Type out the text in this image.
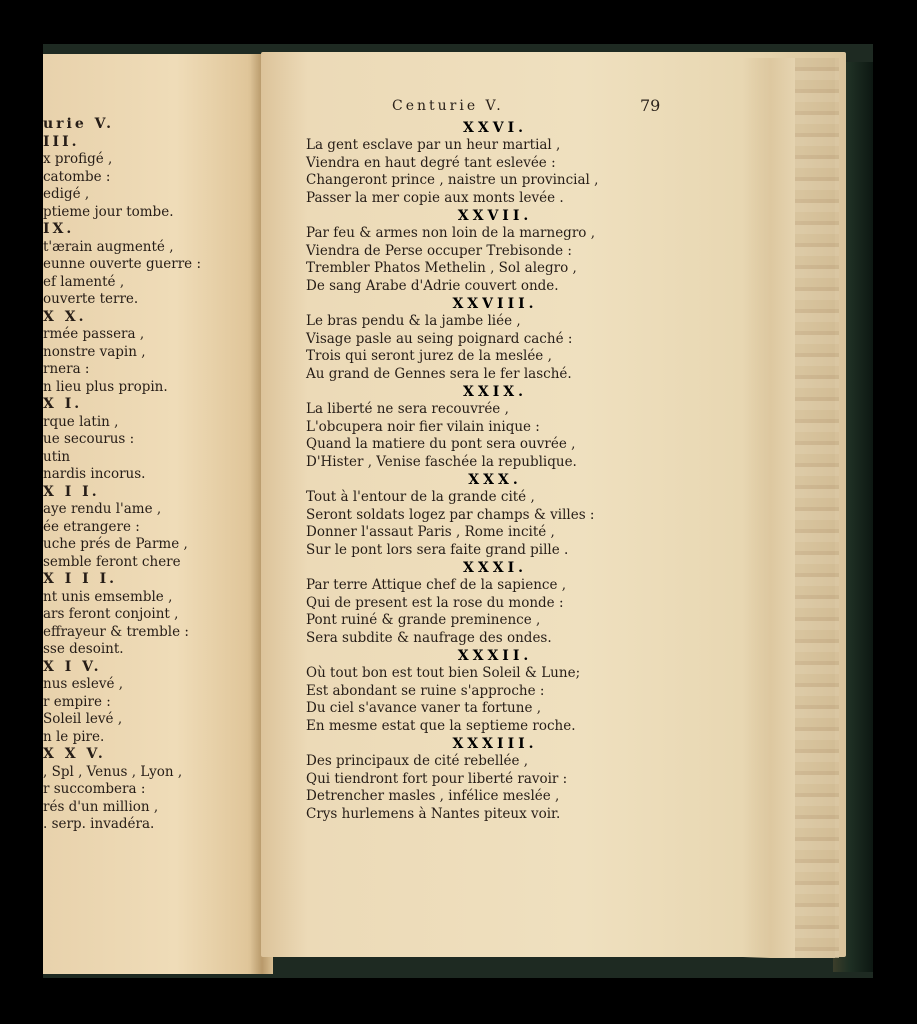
Centurie V.	79
XXVI.
La gent esclave par un heur martial ,
Viendra en haut degré tant eslevée :
Changeront prince , naistre un provincial ,
Passer la mer copie aux monts levée .
XXVII.
Par feu & armes non loin de la marnegro ,
Viendra de Perse occuper Trebisonde :
Trembler Phatos Methelin , Sol alegro ,
De sang Arabe d'Adrie couvert onde.
XXVIII.
Le bras pendu & la jambe liée ,
Visage pasle au seing poignard caché :
Trois qui seront jurez de la meslée ,
Au grand de Gennes sera le fer lasché.
XXIX.
La liberté ne sera recouvrée ,
L'obcupera noir fier vilain inique :
Quand la matiere du pont sera ouvrée ,
D'Hister , Venise faschée la republique.
XXX.
Tout à l'entour de la grande cité ,
Seront soldats logez par champs & villes :
Donner l'assaut Paris , Rome incité ,
Sur le pont lors sera faite grand pille .
XXXI.
Par terre Attique chef de la sapience ,
Qui de present est la rose du monde :
Pont ruiné & grande preminence ,
Sera subdite & naufrage des ondes.
XXXII.
Où tout bon est tout bien Soleil & Lune;
Est abondant se ruine s'approche :
Du ciel s'avance vaner ta fortune ,
En mesme estat que la septieme roche.
XXXIII.
Des principaux de cité rebellée ,
Qui tiendront fort pour liberté ravoir :
Detrencher masles , infélice meslée ,
Crys hurlemens à Nantes piteux voir.
urie V.
III.
x profigé ,
catombe :
edigé ,
ptieme jour tombe.
IX.
t'ærain augmenté ,
eunne ouverte guerre :
ef lamenté ,
ouverte terre.
X X.
rmée passera ,
nonstre vapin ,
rnera :
n lieu plus propin.
X I.
rque latin ,
ue secourus :
utin
nardis incorus.
X I I.
aye rendu l'ame ,
ée etrangere :
uche prés de Parme ,
semble feront chere
X I I I.
nt unis emsemble ,
ars feront conjoint ,
effrayeur & tremble :
sse desoint.
X I V.
nus eslevé ,
r empire :
Soleil levé ,
n le pire.
X X V.
, Spl , Venus , Lyon ,
r succombera :
rés d'un million ,
. serp. invadéra.
